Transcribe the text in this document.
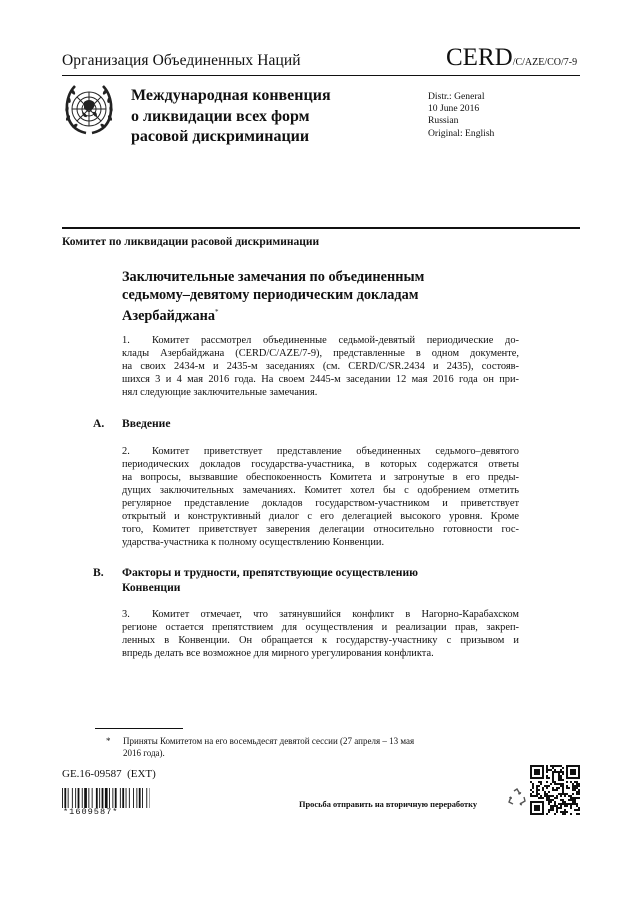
Организация Объединенных Наций	CERD/C/AZE/CO/7-9
Международная конвенция
о ликвидации всех форм
расовой дискриминации
Distr.: General
10 June 2016
Russian
Original: English
Комитет по ликвидации расовой дискриминации
Заключительные замечания по объединенным
седьмому–девятому периодическим докладам
Азербайджана*
1. Комитет рассмотрел объединенные седьмой-девятый периодические до-
клады Азербайджана (CERD/C/AZE/7-9), представленные в одном документе,
на своих 2434-м и 2435-м заседаниях (см. CERD/C/SR.2434 и 2435), состояв-
шихся 3 и 4 мая 2016 года. На своем 2445-м заседании 12 мая 2016 года он при-
нял следующие заключительные замечания.
A. Введение
2. Комитет приветствует представление объединенных седьмого–девятого
периодических докладов государства-участника, в которых содержатся ответы
на вопросы, вызвавшие обеспокоенность Комитета и затронутые в его преды-
дущих заключительных замечаниях. Комитет хотел бы с одобрением отметить
регулярное представление докладов государством-участником и приветствует
открытый и конструктивный диалог с его делегацией высокого уровня. Кроме
того, Комитет приветствует заверения делегации относительно готовности гос-
ударства-участника к полному осуществлению Конвенции.
B. Факторы и трудности, препятствующие осуществлению
Конвенции
3. Комитет отмечает, что затянувшийся конфликт в Нагорно-Карабахском
регионе остается препятствием для осуществления и реализации прав, закреп-
ленных в Конвенции. Он обращается к государству-участнику с призывом и
впредь делать все возможное для мирного урегулирования конфликта.
* Приняты Комитетом на его восемьдесят девятой сессии (27 апреля – 13 мая
2016 года).
GE.16-09587  (EXT)
*1609587*
Просьба отправить на вторичную переработку
